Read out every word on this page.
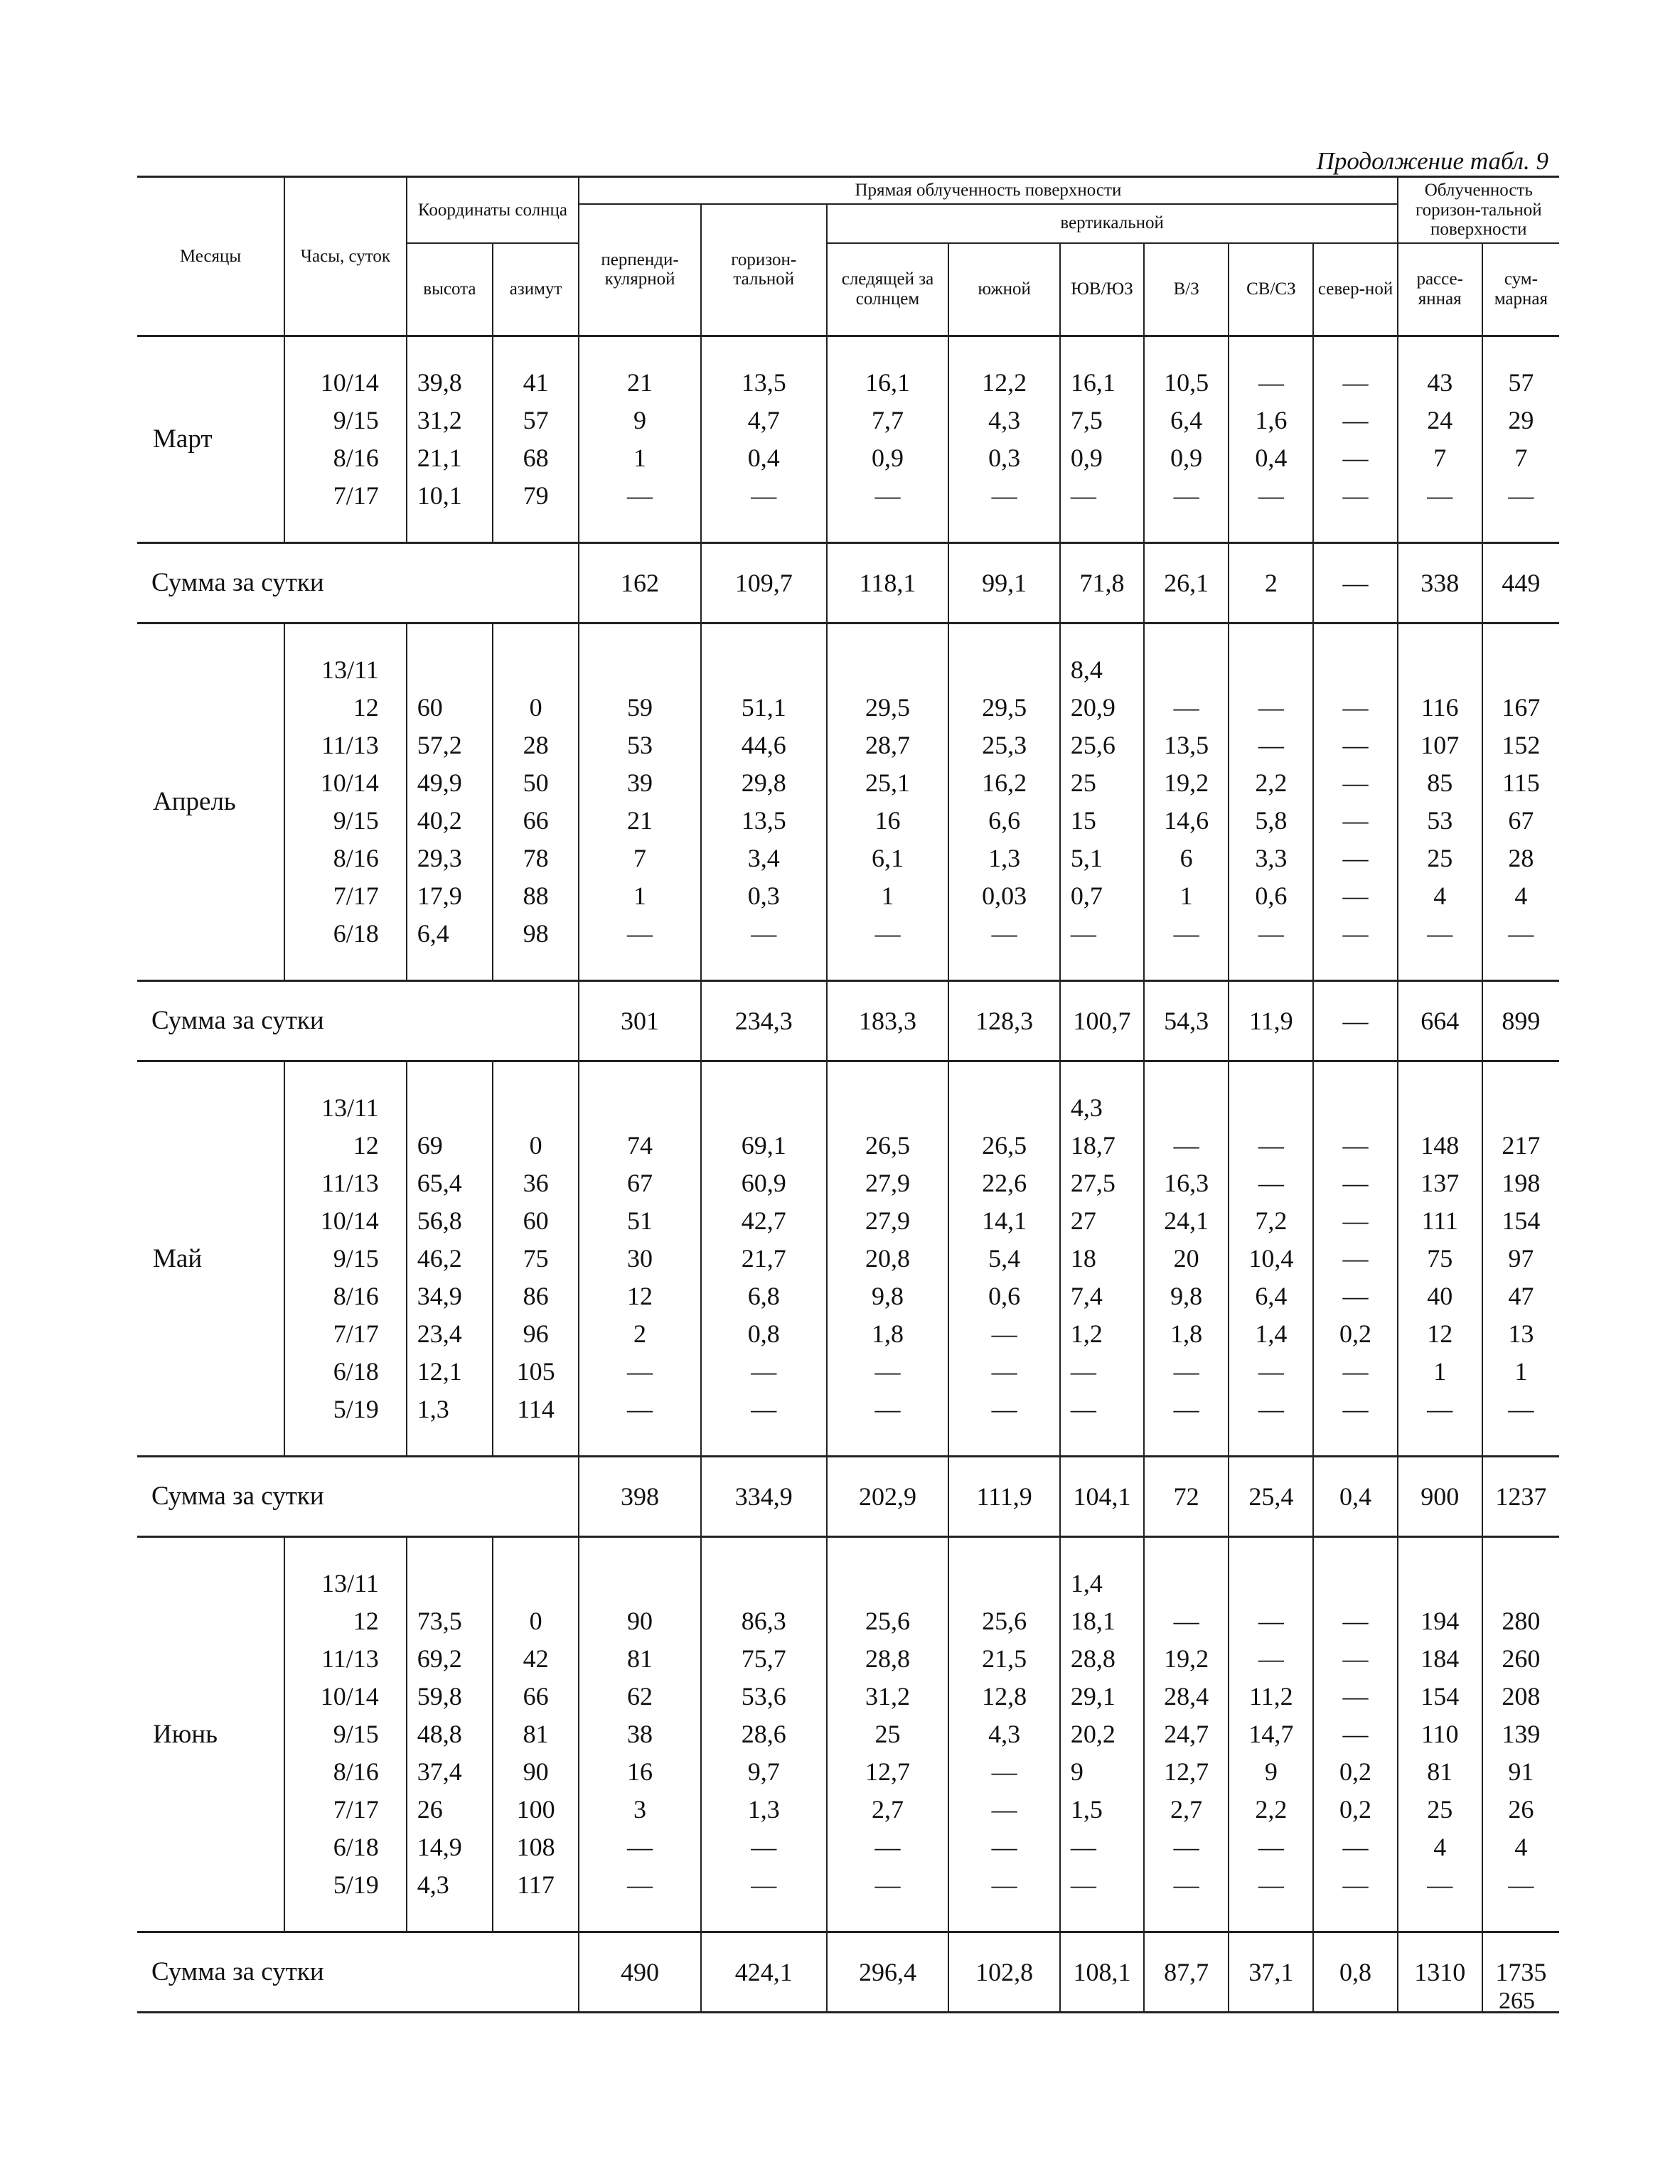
Продолжение табл. 9
Месяцы	Часы, суток	Координаты солнца		Прямая облученность поверхности								Облученность горизон-тальной поверхности	
				перпенди-кулярной	горизон-тальной	вертикальной							
		высота	азимут			следящей за солнцем	южной	ЮВ/ЮЗ	В/З	СВ/СЗ	север-ной	рассе-янная	сум-марная

Март													
	10/14	39,8	41	21	13,5	16,1	12,2	16,1	10,5	—	—	43	57
	9/15	31,2	57	9	4,7	7,7	4,3	7,5	6,4	1,6	—	24	29
	8/16	21,1	68	1	0,4	0,9	0,3	0,9	0,9	0,4	—	7	7
	7/17	10,1	79	—	—	—	—	—	—	—	—	—	—

Сумма за сутки				162	109,7	118,1	99,1	71,8	26,1	2	—	338	449
Апрель													
	13/11							8,4					
	12	60	0	59	51,1	29,5	29,5	20,9	—	—	—	116	167
	11/13	57,2	28	53	44,6	28,7	25,3	25,6	13,5	—	—	107	152
	10/14	49,9	50	39	29,8	25,1	16,2	25	19,2	2,2	—	85	115
	9/15	40,2	66	21	13,5	16	6,6	15	14,6	5,8	—	53	67
	8/16	29,3	78	7	3,4	6,1	1,3	5,1	6	3,3	—	25	28
	7/17	17,9	88	1	0,3	1	0,03	0,7	1	0,6	—	4	4
	6/18	6,4	98	—	—	—	—	—	—	—	—	—	—

Сумма за сутки				301	234,3	183,3	128,3	100,7	54,3	11,9	—	664	899
Май													
	13/11							4,3					
	12	69	0	74	69,1	26,5	26,5	18,7	—	—	—	148	217
	11/13	65,4	36	67	60,9	27,9	22,6	27,5	16,3	—	—	137	198
	10/14	56,8	60	51	42,7	27,9	14,1	27	24,1	7,2	—	111	154
	9/15	46,2	75	30	21,7	20,8	5,4	18	20	10,4	—	75	97
	8/16	34,9	86	12	6,8	9,8	0,6	7,4	9,8	6,4	—	40	47
	7/17	23,4	96	2	0,8	1,8	—	1,2	1,8	1,4	0,2	12	13
	6/18	12,1	105	—	—	—	—	—	—	—	—	1	1
	5/19	1,3	114	—	—	—	—	—	—	—	—	—	—

Сумма за сутки				398	334,9	202,9	111,9	104,1	72	25,4	0,4	900	1237
Июнь													
	13/11							1,4					
	12	73,5	0	90	86,3	25,6	25,6	18,1	—	—	—	194	280
	11/13	69,2	42	81	75,7	28,8	21,5	28,8	19,2	—	—	184	260
	10/14	59,8	66	62	53,6	31,2	12,8	29,1	28,4	11,2	—	154	208
	9/15	48,8	81	38	28,6	25	4,3	20,2	24,7	14,7	—	110	139
	8/16	37,4	90	16	9,7	12,7	—	9	12,7	9	0,2	81	91
	7/17	26	100	3	1,3	2,7	—	1,5	2,7	2,2	0,2	25	26
	6/18	14,9	108	—	—	—	—	—	—	—	—	4	4
	5/19	4,3	117	—	—	—	—	—	—	—	—	—	—

Сумма за сутки				490	424,1	296,4	102,8	108,1	87,7	37,1	0,8	1310	1735
265
